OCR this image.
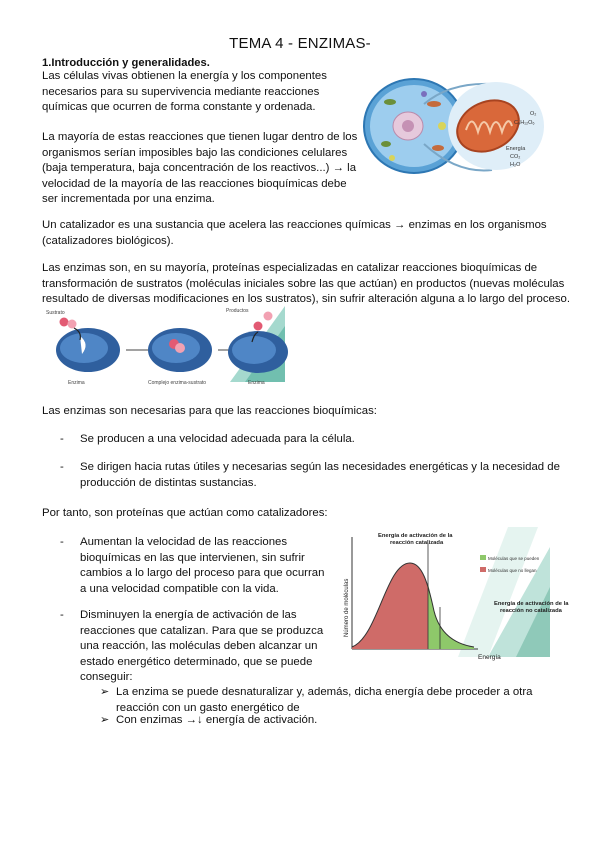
TEMA 4 - ENZIMAS-
1.Introducción y generalidades.
Las células vivas obtienen la energía y los componentes
necesarios para su supervivencia mediante reacciones
químicas que ocurren de forma constante y ordenada.
La mayoría de estas reacciones que tienen lugar dentro de los
organismos serían imposibles bajo las condiciones celulares
(baja temperatura, baja concentración de los reactivos...) → la
velocidad de la mayoría de las reacciones bioquímicas debe
ser incrementada por una enzima.
O₂
C₆H₁₂O₆
Energía
CO₂
H₂O
Un catalizador es una sustancia que acelera las reacciones químicas → enzimas en los organismos
(catalizadores biológicos).
Las enzimas son, en su mayoría, proteínas especializadas en catalizar reacciones bioquímicas de
transformación de sustratos (moléculas iniciales sobre las que actúan) en productos (nuevas moléculas
resultado de diversas modificaciones en los sustratos), sin sufrir alteración alguna a lo largo del proceso.
Sustrato	Productos
Enzima	Complejo enzima-sustrato	Enzima
Las enzimas son necesarias para que las reacciones bioquímicas:
- Se producen a una velocidad adecuada para la célula.
- Se dirigen hacia rutas útiles y necesarias según las necesidades energéticas y la necesidad de
producción de distintas sustancias.
Por tanto, son proteínas que actúan como catalizadores:
- Aumentan la velocidad de las reacciones
bioquímicas en las que intervienen, sin sufrir
cambios a lo largo del proceso para que ocurran
a una velocidad compatible con la vida.
- Disminuyen la energía de activación de las
reacciones que catalizan. Para que se produzca
una reacción, las moléculas deben alcanzar un
estado energético determinado, que se puede
conseguir:
➢ La enzima se puede desnaturalizar y, además, dicha energía debe proceder a otra
reacción con un gasto energético de
➢ Con enzimas →↓ energía de activación.
Energía de activación de la
reacción catalizada
Energía de activación de la
reacción no catalizada
Moléculas que se pueden
Moléculas que no llegan
Número de moléculas
Energía
